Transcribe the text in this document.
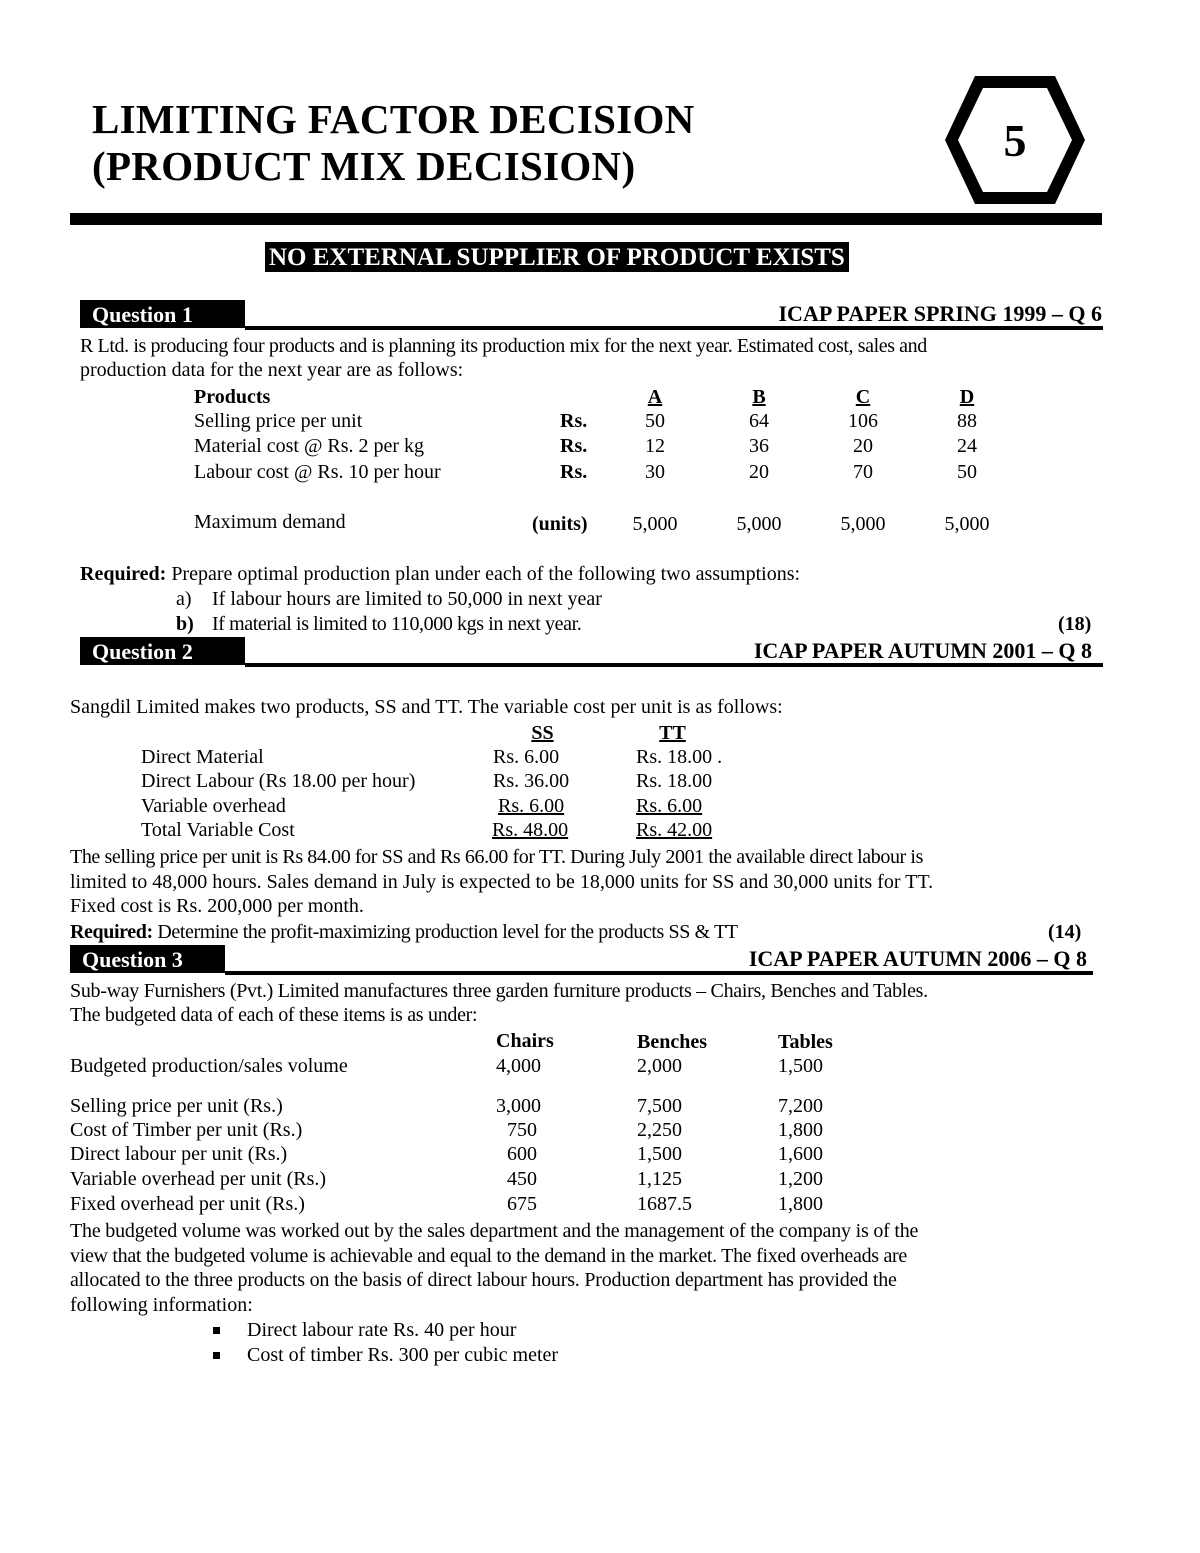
LIMITING FACTOR DECISION
(PRODUCT MIX DECISION)	5
NO EXTERNAL SUPPLIER OF PRODUCT EXISTS
Question 1	ICAP PAPER SPRING 1999 – Q 6
R Ltd. is producing four products and is planning its production mix for the next year. Estimated cost, sales and
production data for the next year are as follows:
Products	A	B	C	D
Selling price per unit	Rs.	50	64	106	88
Material cost @ Rs. 2 per kg	Rs.	12	36	20	24
Labour cost @ Rs. 10 per hour	Rs.	30	20	70	50
Maximum demand	(units)	5,000	5,000	5,000	5,000
Required: Prepare optimal production plan under each of the following two assumptions:
a) If labour hours are limited to 50,000 in next year
b) If material is limited to 110,000 kgs in next year.	(18)
Question 2	ICAP PAPER AUTUMN 2001 – Q 8
Sangdil Limited makes two products, SS and TT. The variable cost per unit is as follows:
SS	TT
Direct Material	Rs. 6.00	Rs. 18.00 .
Direct Labour (Rs 18.00 per hour)	Rs. 36.00	Rs. 18.00
Variable overhead	Rs. 6.00	Rs. 6.00
Total Variable Cost	Rs. 48.00	Rs. 42.00
The selling price per unit is Rs 84.00 for SS and Rs 66.00 for TT. During July 2001 the available direct labour is
limited to 48,000 hours. Sales demand in July is expected to be 18,000 units for SS and 30,000 units for TT.
Fixed cost is Rs. 200,000 per month.
Required: Determine the profit-maximizing production level for the products SS & TT	(14)
Question 3	ICAP PAPER AUTUMN 2006 – Q 8
Sub-way Furnishers (Pvt.) Limited manufactures three garden furniture products – Chairs, Benches and Tables.
The budgeted data of each of these items is as under:
Chairs	Benches	Tables
Budgeted production/sales volume	4,000	2,000	1,500
Selling price per unit (Rs.)	3,000	7,500	7,200
Cost of Timber per unit (Rs.)	750	2,250	1,800
Direct labour per unit (Rs.)	600	1,500	1,600
Variable overhead per unit (Rs.)	450	1,125	1,200
Fixed overhead per unit (Rs.)	675	1687.5	1,800
The budgeted volume was worked out by the sales department and the management of the company is of the
view that the budgeted volume is achievable and equal to the demand in the market. The fixed overheads are
allocated to the three products on the basis of direct labour hours. Production department has provided the
following information:
Direct labour rate Rs. 40 per hour
Cost of timber Rs. 300 per cubic meter
